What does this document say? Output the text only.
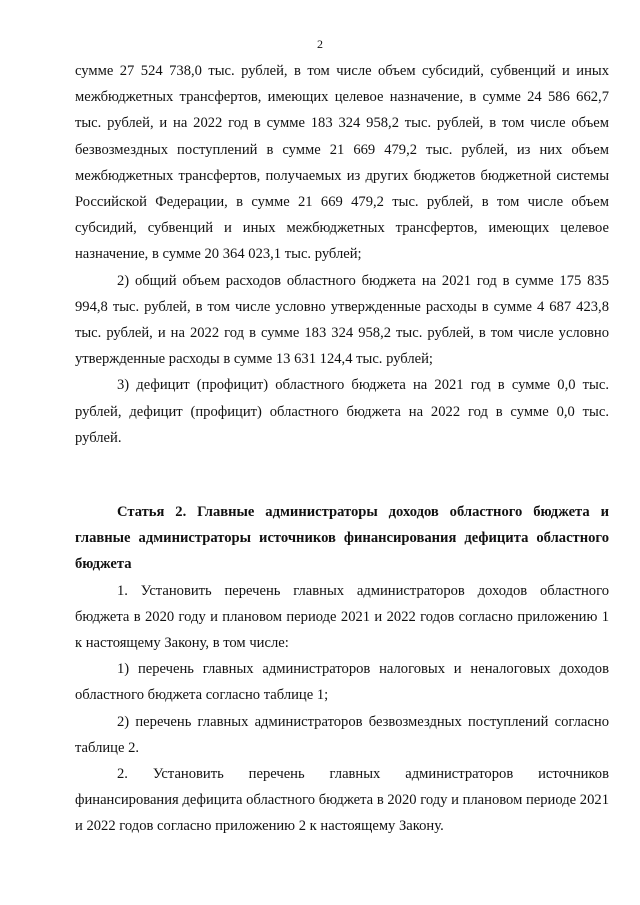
2

сумме 27 524 738,0 тыс. рублей, в том числе объем субсидий, субвенций и иных межбюджетных трансфертов, имеющих целевое назначение, в сумме 24 586 662,7 тыс. рублей, и на 2022 год в сумме 183 324 958,2 тыс. рублей, в том числе объем безвозмездных поступлений в сумме 21 669 479,2 тыс. рублей, из них объем межбюджетных трансфертов, получаемых из других бюджетов бюджетной системы Российской Федерации, в сумме 21 669 479,2 тыс. рублей, в том числе объем субсидий, субвенций и иных межбюджетных трансфертов, имеющих целевое назначение, в сумме 20 364 023,1 тыс. рублей;

2) общий объем расходов областного бюджета на 2021 год в сумме 175 835 994,8 тыс. рублей, в том числе условно утвержденные расходы в сумме 4 687 423,8 тыс. рублей, и на 2022 год в сумме 183 324 958,2 тыс. рублей, в том числе условно утвержденные расходы в сумме 13 631 124,4 тыс. рублей;

3) дефицит (профицит) областного бюджета на 2021 год в сумме 0,0 тыс. рублей, дефицит (профицит) областного бюджета на 2022 год в сумме 0,0 тыс. рублей.

Статья 2. Главные администраторы доходов областного бюджета и главные администраторы источников финансирования дефицита областного бюджета

1. Установить перечень главных администраторов доходов областного бюджета в 2020 году и плановом периоде 2021 и 2022 годов согласно приложению 1 к настоящему Закону, в том числе:

1) перечень главных администраторов налоговых и неналоговых доходов областного бюджета согласно таблице 1;

2) перечень главных администраторов безвозмездных поступлений согласно таблице 2.

2. Установить перечень главных администраторов источников финансирования дефицита областного бюджета в 2020 году и плановом периоде 2021 и 2022 годов согласно приложению 2 к настоящему Закону.
